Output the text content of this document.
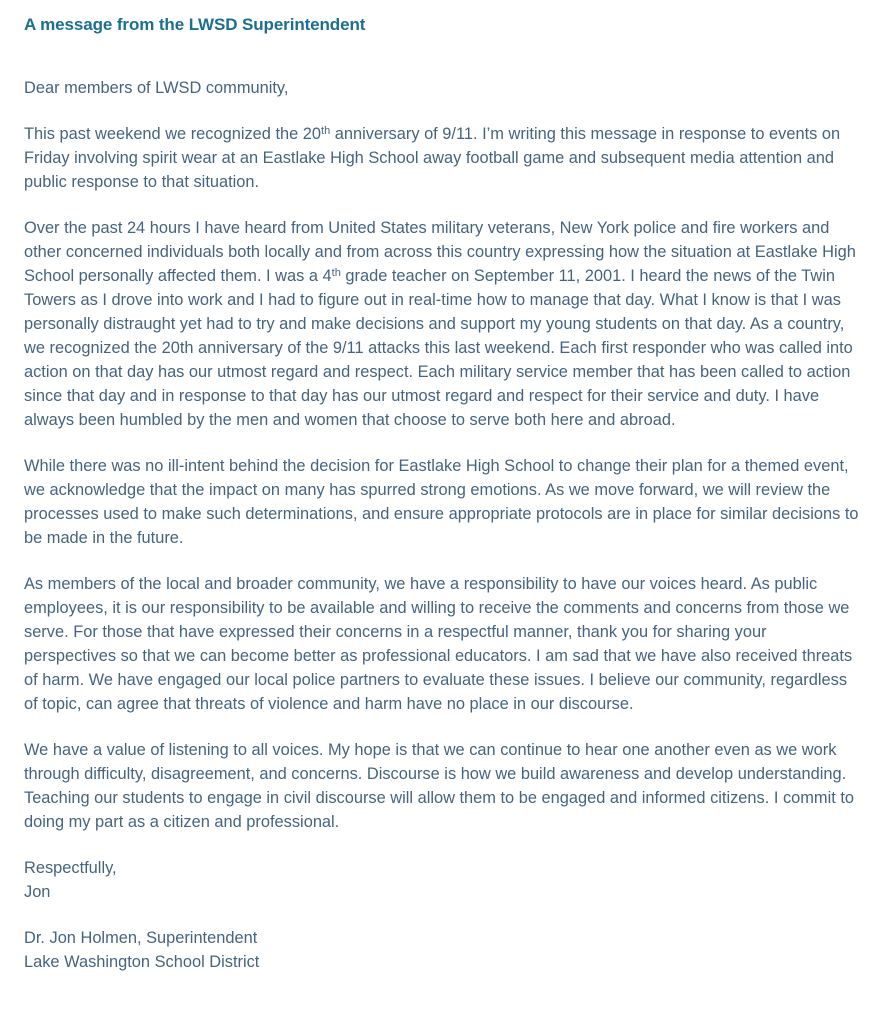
A message from the LWSD Superintendent

Dear members of LWSD community,

This past weekend we recognized the 20th anniversary of 9/11. I’m writing this message in response to events on Friday involving spirit wear at an Eastlake High School away football game and subsequent media attention and public response to that situation.

Over the past 24 hours I have heard from United States military veterans, New York police and fire workers and other concerned individuals both locally and from across this country expressing how the situation at Eastlake High School personally affected them. I was a 4th grade teacher on September 11, 2001. I heard the news of the Twin Towers as I drove into work and I had to figure out in real-time how to manage that day. What I know is that I was personally distraught yet had to try and make decisions and support my young students on that day. As a country, we recognized the 20th anniversary of the 9/11 attacks this last weekend. Each first responder who was called into action on that day has our utmost regard and respect. Each military service member that has been called to action since that day and in response to that day has our utmost regard and respect for their service and duty. I have always been humbled by the men and women that choose to serve both here and abroad.

While there was no ill-intent behind the decision for Eastlake High School to change their plan for a themed event, we acknowledge that the impact on many has spurred strong emotions. As we move forward, we will review the processes used to make such determinations, and ensure appropriate protocols are in place for similar decisions to be made in the future.

As members of the local and broader community, we have a responsibility to have our voices heard. As public employees, it is our responsibility to be available and willing to receive the comments and concerns from those we serve. For those that have expressed their concerns in a respectful manner, thank you for sharing your perspectives so that we can become better as professional educators. I am sad that we have also received threats of harm. We have engaged our local police partners to evaluate these issues. I believe our community, regardless of topic, can agree that threats of violence and harm have no place in our discourse.

We have a value of listening to all voices. My hope is that we can continue to hear one another even as we work through difficulty, disagreement, and concerns. Discourse is how we build awareness and develop understanding. Teaching our students to engage in civil discourse will allow them to be engaged and informed citizens. I commit to doing my part as a citizen and professional.

Respectfully,
Jon
Dr. Jon Holmen, Superintendent
Lake Washington School District
